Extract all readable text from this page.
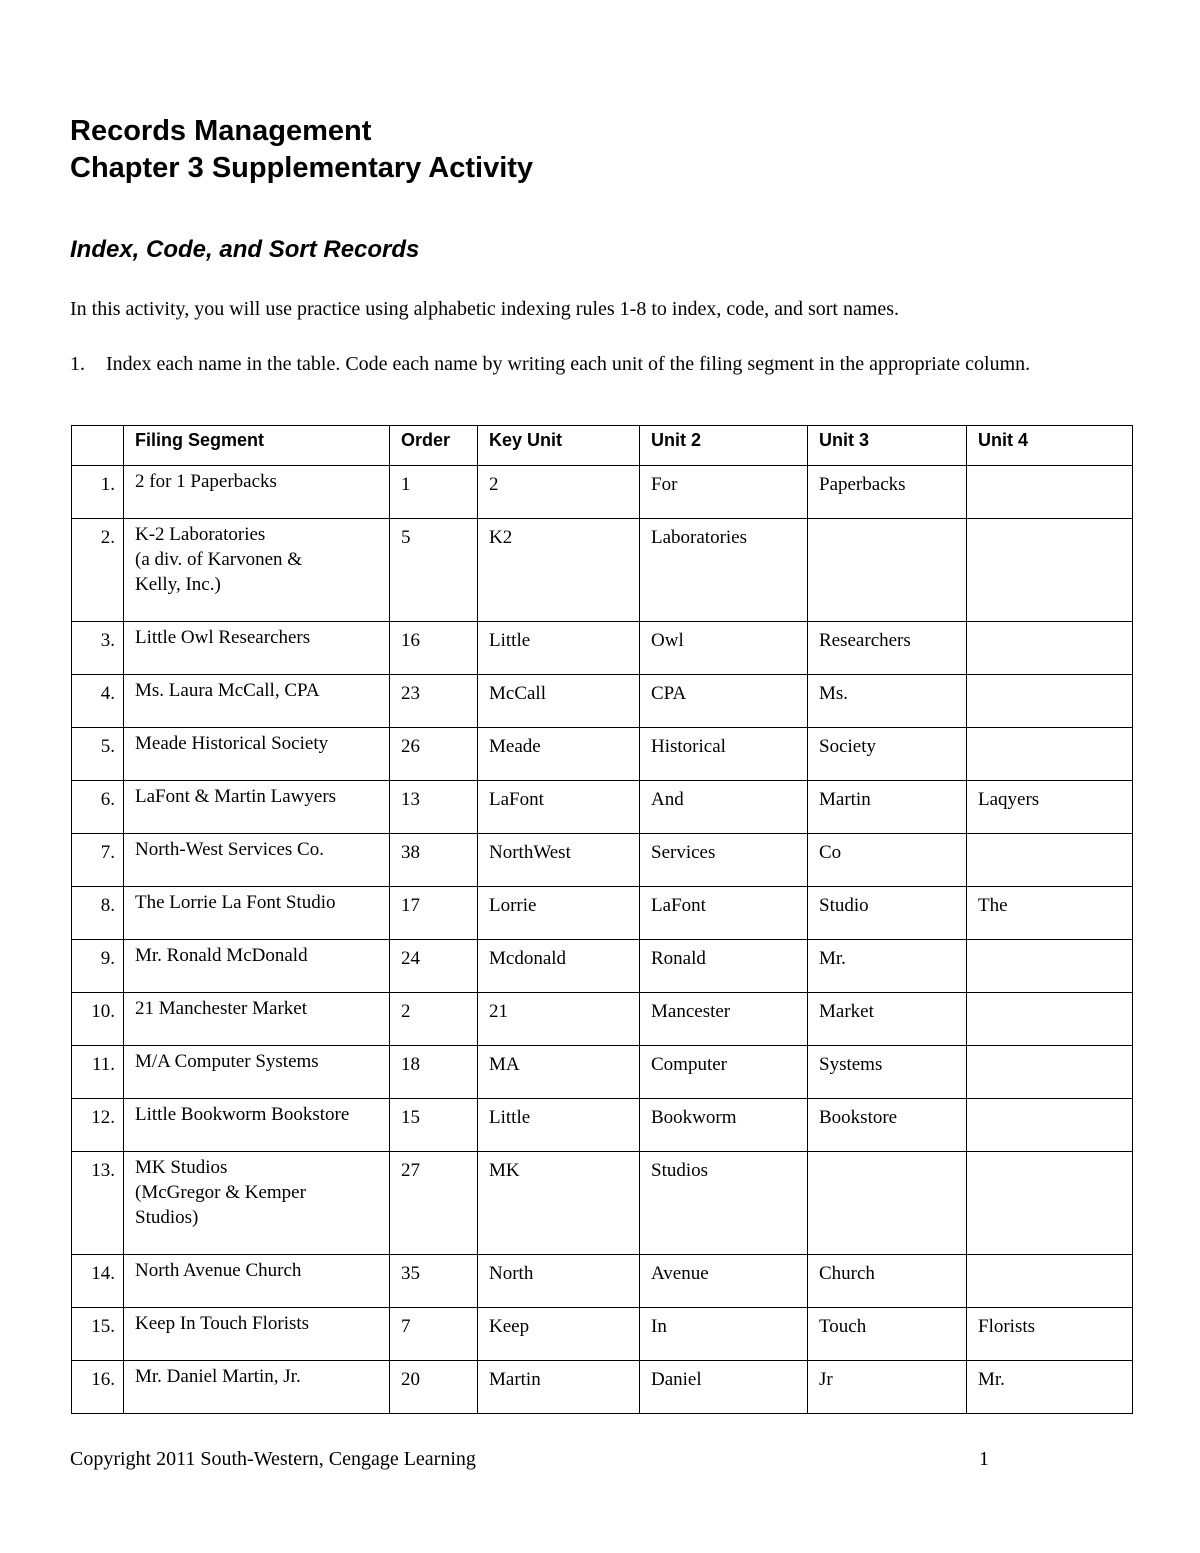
Records Management
Chapter 3 Supplementary Activity
Index, Code, and Sort Records
In this activity, you will use practice using alphabetic indexing rules 1-8 to index, code, and sort names.
1. Index each name in the table. Code each name by writing each unit of the filing segment in the appropriate column.
	Filing Segment	Order	Key Unit	Unit 2	Unit 3	Unit 4
1.	2 for 1 Paperbacks	1	2	For	Paperbacks	
2.	K-2 Laboratories
(a div. of Karvonen &
Kelly, Inc.)	5	K2	Laboratories		
3.	Little Owl Researchers	16	Little	Owl	Researchers	
4.	Ms. Laura McCall, CPA	23	McCall	CPA	Ms.	
5.	Meade Historical Society	26	Meade	Historical	Society	
6.	LaFont & Martin Lawyers	13	LaFont	And	Martin	Laqyers
7.	North-West Services Co.	38	NorthWest	Services	Co	
8.	The Lorrie La Font Studio	17	Lorrie	LaFont	Studio	The
9.	Mr. Ronald McDonald	24	Mcdonald	Ronald	Mr.	
10.	21 Manchester Market	2	21	Mancester	Market	
11.	M/A Computer Systems	18	MA	Computer	Systems	
12.	Little Bookworm Bookstore	15	Little	Bookworm	Bookstore	
13.	MK Studios
(McGregor & Kemper
Studios)	27	MK	Studios		
14.	North Avenue Church	35	North	Avenue	Church	
15.	Keep In Touch Florists	7	Keep	In	Touch	Florists
16.	Mr. Daniel Martin, Jr.	20	Martin	Daniel	Jr	Mr.
Copyright 2011 South-Western, Cengage Learning	1
